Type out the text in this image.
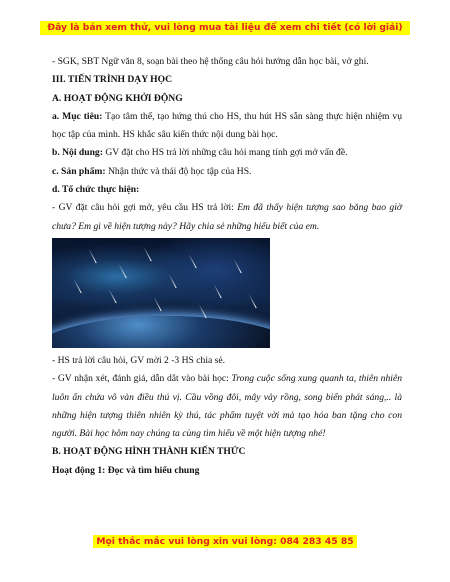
Đây là bản xem thử, vui lòng mua tài liệu để xem chi tiết (có lời giải)

- SGK, SBT Ngữ văn 8, soạn bài theo hệ thống câu hỏi hướng dẫn học bài, vở ghi.

III. TIẾN TRÌNH DẠY HỌC

A. HOẠT ĐỘNG KHỞI ĐỘNG

a. Mục tiêu: Tạo tâm thế, tạo hứng thú cho HS, thu hút HS sẵn sàng thực hiện nhiệm vụ học tập của mình. HS khắc sâu kiến thức nội dung bài học.

b. Nội dung: GV đặt cho HS trả lời những câu hỏi mang tính gợi mở vấn đề.

c. Sản phẩm: Nhận thức và thái độ học tập của HS.

d. Tổ chức thực hiện:

- GV đặt câu hỏi gợi mở, yêu cầu HS trả lời: Em đã thấy hiện tượng sao băng bao giờ chưa? Em gì về hiện tượng này? Hãy chia sẻ những hiểu biết của em.

- HS trả lời câu hỏi, GV mời 2 -3 HS chia sẻ.

- GV nhận xét, đánh giá, dẫn dắt vào bài học: Trong cuộc sống xung quanh ta, thiên nhiên luôn ẩn chứa vô vàn điều thú vị. Cầu vồng đôi, mây vảy rồng, song biển phát sáng,.. là những hiện tượng thiên nhiên kỳ thú, tác phẩm tuyệt vời mà tạo hóa ban tặng cho con người. Bài học hôm nay chúng ta cùng tìm hiểu về một hiện tượng nhé!

B. HOẠT ĐỘNG HÌNH THÀNH KIẾN THỨC

Hoạt động 1: Đọc và tìm hiểu chung

Mọi thắc mắc vui lòng xin vui lòng: 084 283 45 85
